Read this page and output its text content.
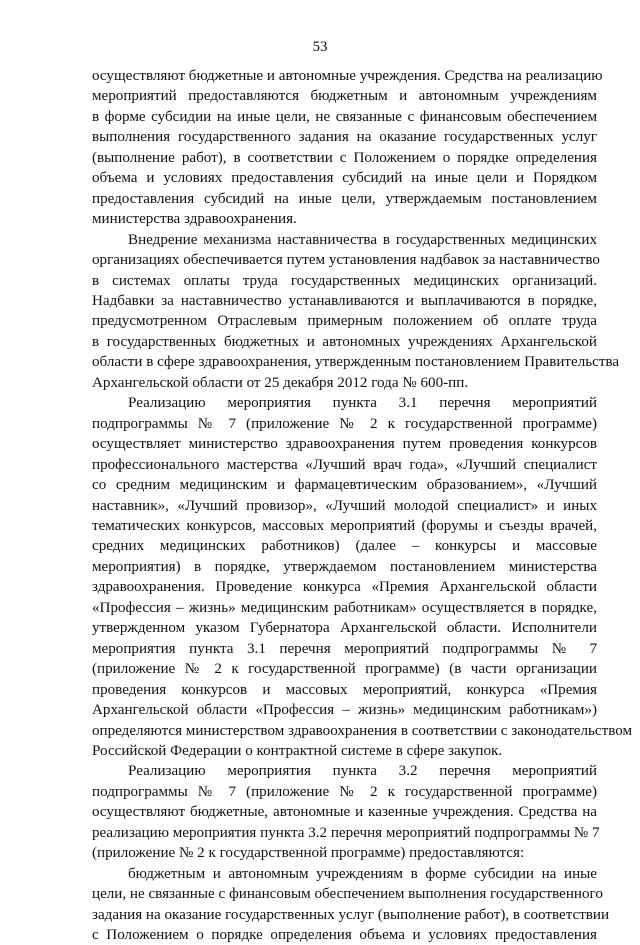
53

осуществляют бюджетные и автономные учреждения. Средства на реализацию
мероприятий предоставляются бюджетным и автономным учреждениям
в форме субсидии на иные цели, не связанные с финансовым обеспечением
выполнения государственного задания на оказание государственных услуг
(выполнение работ), в соответствии с Положением о порядке определения
объема и условиях предоставления субсидий на иные цели и Порядком
предоставления субсидий на иные цели, утверждаемым постановлением
министерства здравоохранения.

Внедрение механизма наставничества в государственных медицинских
организациях обеспечивается путем установления надбавок за наставничество
в системах оплаты труда государственных медицинских организаций.
Надбавки за наставничество устанавливаются и выплачиваются в порядке,
предусмотренном Отраслевым примерным положением об оплате труда
в государственных бюджетных и автономных учреждениях Архангельской
области в сфере здравоохранения, утвержденным постановлением Правительства
Архангельской области от 25 декабря 2012 года № 600-пп.

Реализацию мероприятия пункта 3.1 перечня мероприятий
подпрограммы № 7 (приложение № 2 к государственной программе)
осуществляет министерство здравоохранения путем проведения конкурсов
профессионального мастерства «Лучший врач года», «Лучший специалист
со средним медицинским и фармацевтическим образованием», «Лучший
наставник», «Лучший провизор», «Лучший молодой специалист» и иных
тематических конкурсов, массовых мероприятий (форумы и съезды врачей,
средних медицинских работников) (далее – конкурсы и массовые
мероприятия) в порядке, утверждаемом постановлением министерства
здравоохранения. Проведение конкурса «Премия Архангельской области
«Профессия – жизнь» медицинским работникам» осуществляется в порядке,
утвержденном указом Губернатора Архангельской области. Исполнители
мероприятия пункта 3.1 перечня мероприятий подпрограммы № 7
(приложение № 2 к государственной программе) (в части организации
проведения конкурсов и массовых мероприятий, конкурса «Премия
Архангельской области «Профессия – жизнь» медицинским работникам»)
определяются министерством здравоохранения в соответствии с законодательством
Российской Федерации о контрактной системе в сфере закупок.

Реализацию мероприятия пункта 3.2 перечня мероприятий
подпрограммы № 7 (приложение № 2 к государственной программе)
осуществляют бюджетные, автономные и казенные учреждения. Средства на
реализацию мероприятия пункта 3.2 перечня мероприятий подпрограммы № 7
(приложение № 2 к государственной программе) предоставляются:

бюджетным и автономным учреждениям в форме субсидии на иные
цели, не связанные с финансовым обеспечением выполнения государственного
задания на оказание государственных услуг (выполнение работ), в соответствии
с Положением о порядке определения объема и условиях предоставления
